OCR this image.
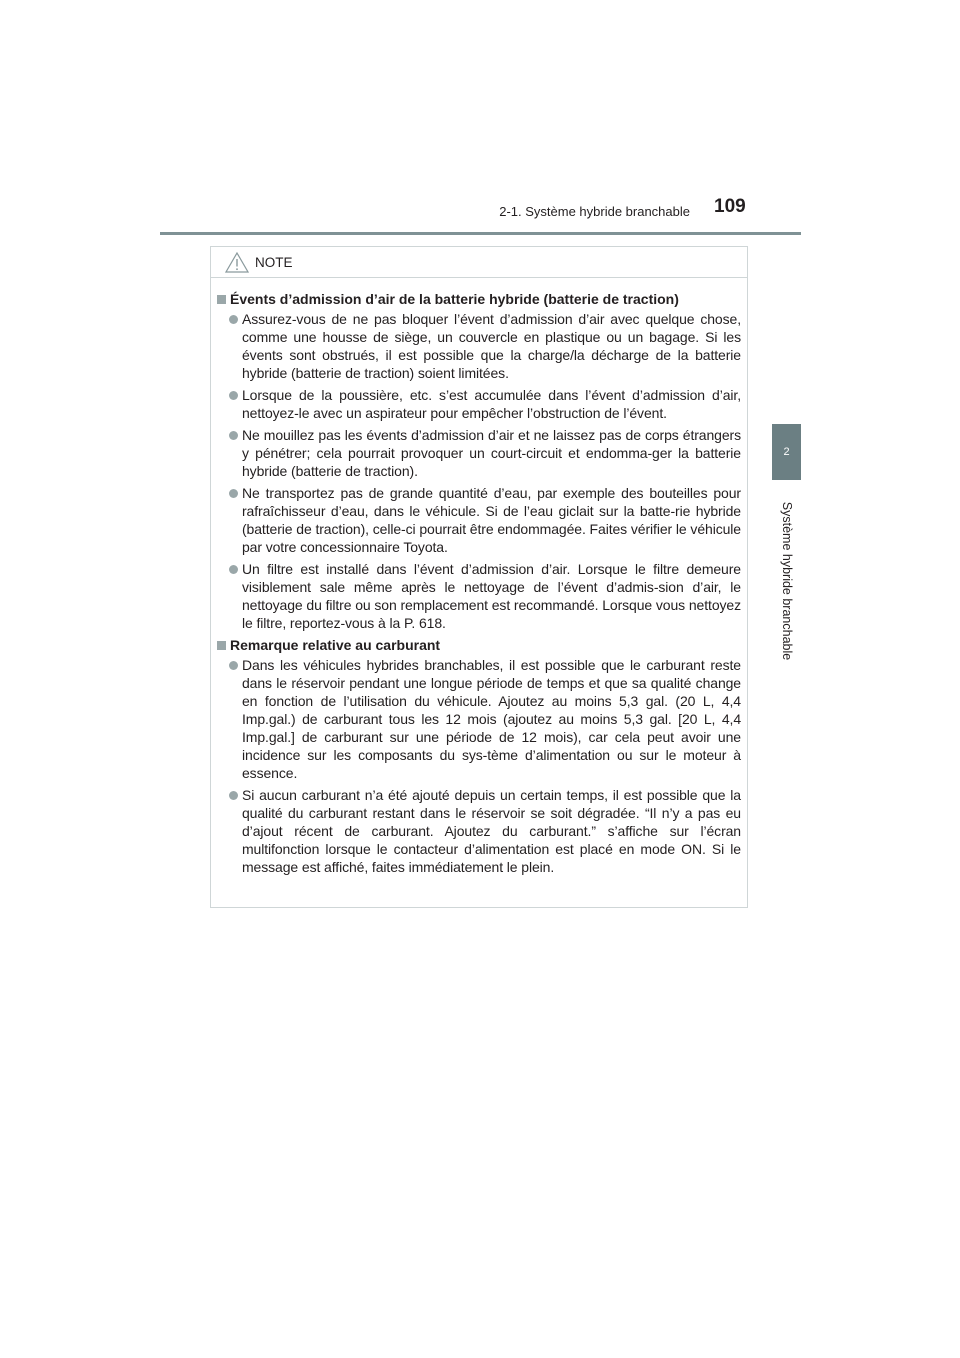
2-1. Système hybride branchable 109
2
Système hybride branchable
NOTE
Évents d’admission d’air de la batterie hybride (batterie de traction)
Assurez-vous de ne pas bloquer l’évent d’admission d’air avec quelque chose, comme une housse de siège, un couvercle en plastique ou un bagage. Si les évents sont obstrués, il est possible que la charge/la décharge de la batterie hybride (batterie de traction) soient limitées.
Lorsque de la poussière, etc. s’est accumulée dans l’évent d’admission d’air, nettoyez-le avec un aspirateur pour empêcher l’obstruction de l’évent.
Ne mouillez pas les évents d’admission d’air et ne laissez pas de corps étrangers y pénétrer; cela pourrait provoquer un court-circuit et endomma-ger la batterie hybride (batterie de traction).
Ne transportez pas de grande quantité d’eau, par exemple des bouteilles pour rafraîchisseur d’eau, dans le véhicule. Si de l’eau giclait sur la batte-rie hybride (batterie de traction), celle-ci pourrait être endommagée. Faites vérifier le véhicule par votre concessionnaire Toyota.
Un filtre est installé dans l’évent d’admission d’air. Lorsque le filtre demeure visiblement sale même après le nettoyage de l’évent d’admis-sion d’air, le nettoyage du filtre ou son remplacement est recommandé. Lorsque vous nettoyez le filtre, reportez-vous à la P. 618.
Remarque relative au carburant
Dans les véhicules hybrides branchables, il est possible que le carburant reste dans le réservoir pendant une longue période de temps et que sa qualité change en fonction de l’utilisation du véhicule. Ajoutez au moins 5,3 gal. (20 L, 4,4 Imp.gal.) de carburant tous les 12 mois (ajoutez au moins 5,3 gal. [20 L, 4,4 Imp.gal.] de carburant sur une période de 12 mois), car cela peut avoir une incidence sur les composants du sys-tème d’alimentation ou sur le moteur à essence.
Si aucun carburant n’a été ajouté depuis un certain temps, il est possible que la qualité du carburant restant dans le réservoir se soit dégradée. “Il n’y a pas eu d’ajout récent de carburant. Ajoutez du carburant.” s’affiche sur l’écran multifonction lorsque le contacteur d’alimentation est placé en mode ON. Si le message est affiché, faites immédiatement le plein.
